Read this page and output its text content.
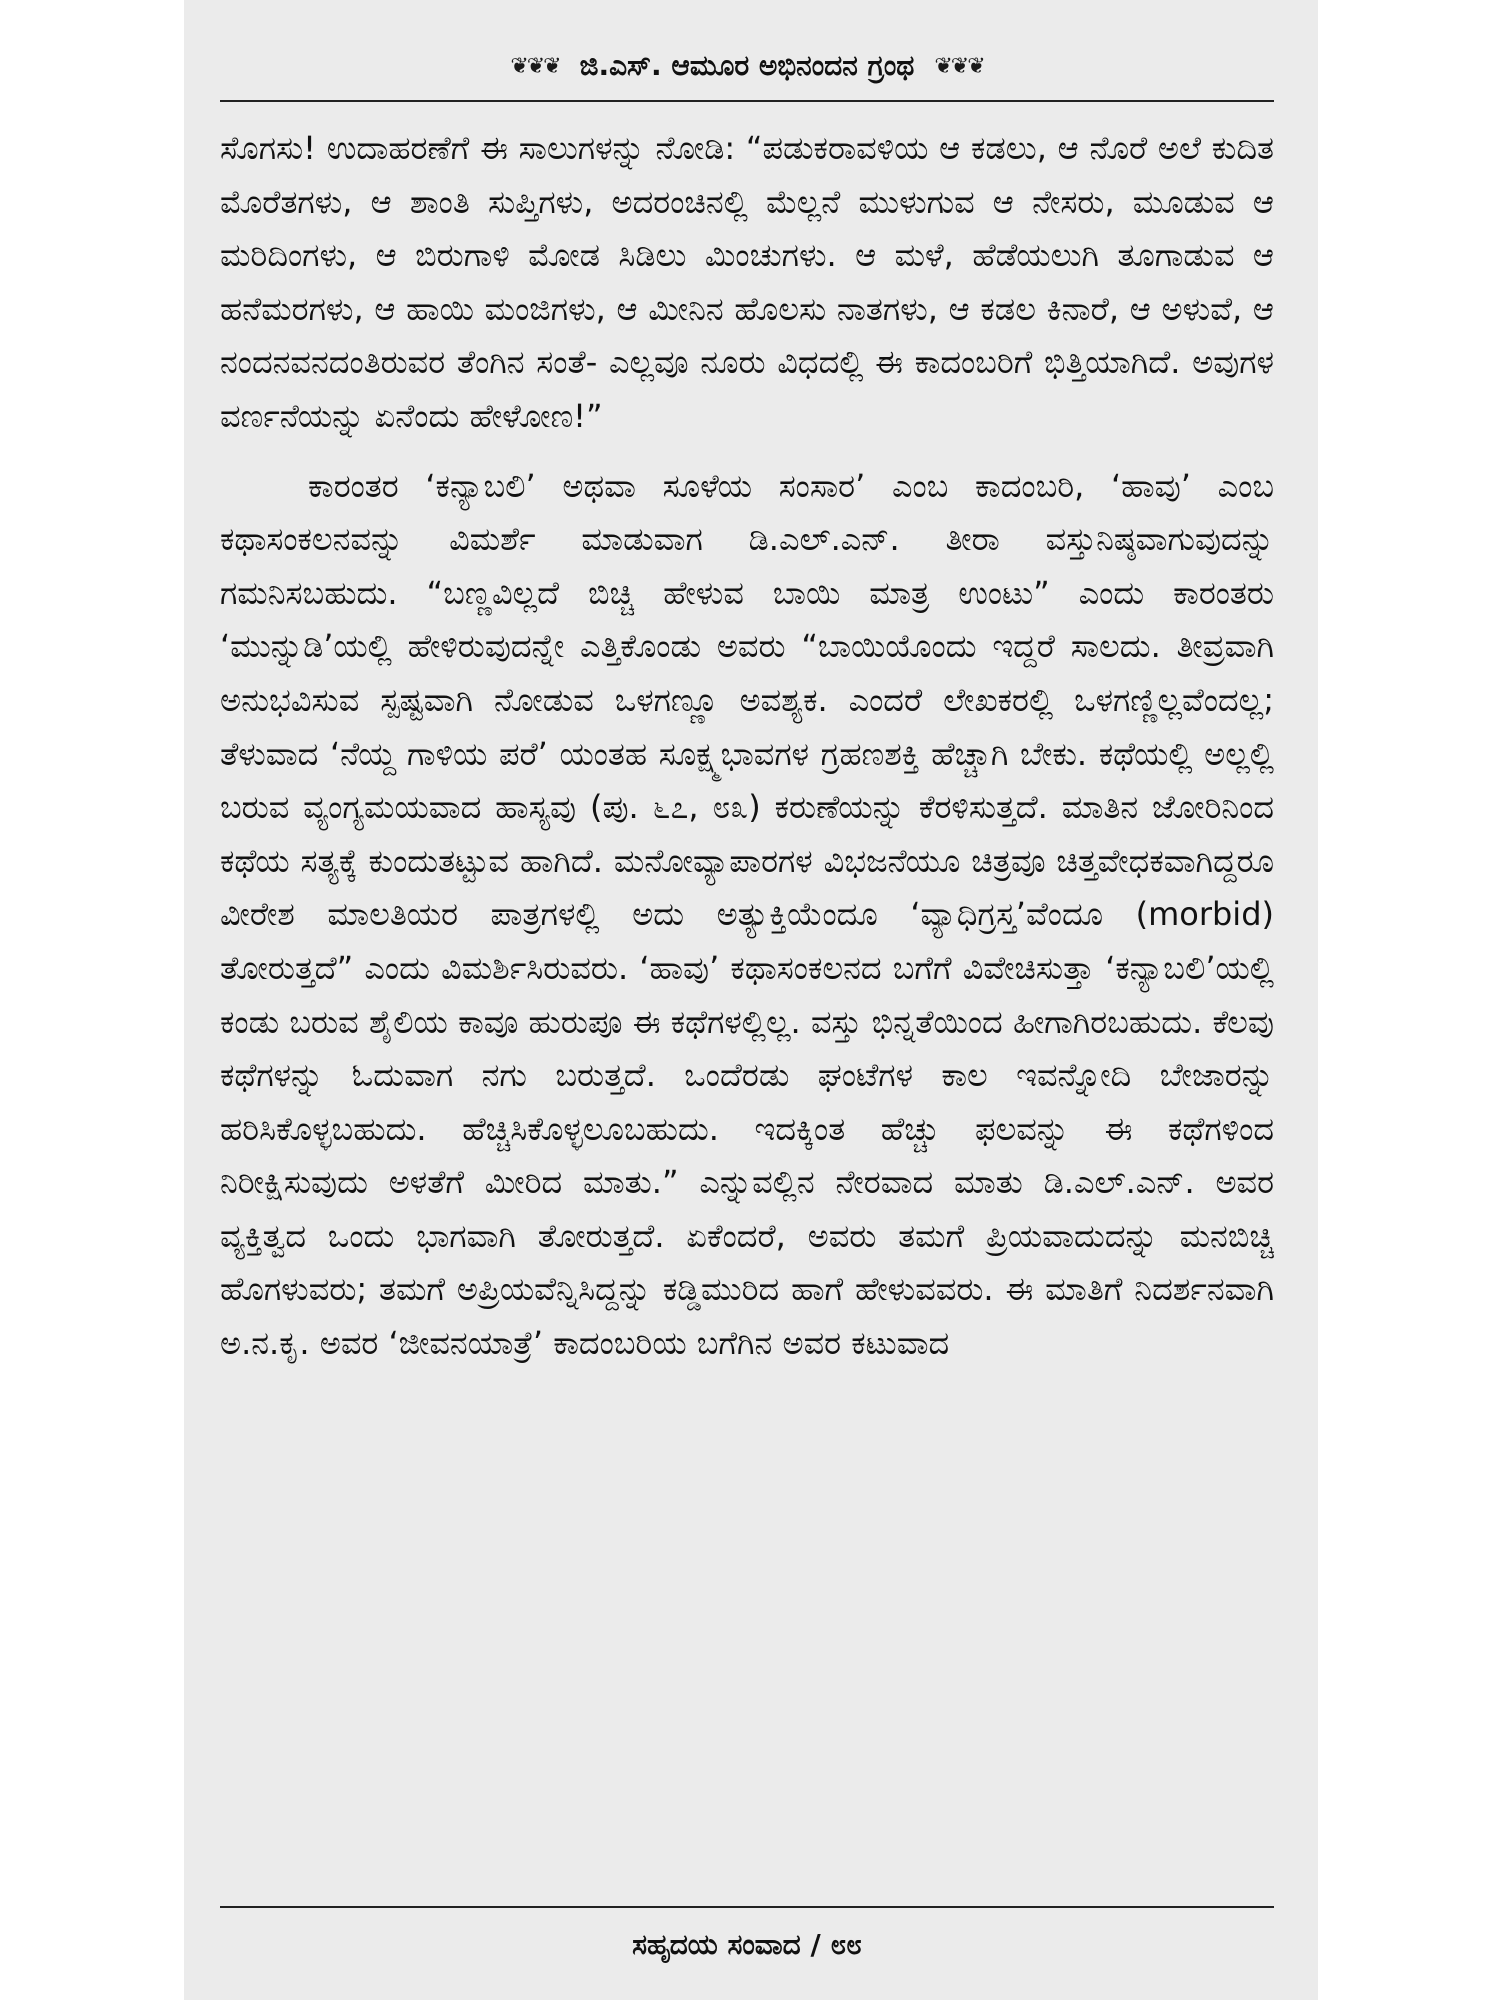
❦❦❦ ಜಿ.ಎಸ್. ಆಮೂರ ಅಭಿನಂದನ ಗ್ರಂಥ ❦❦❦

ಸೊಗಸು! ಉದಾಹರಣೆಗೆ ಈ ಸಾಲುಗಳನ್ನು ನೋಡಿ: “ಪಡುಕರಾವಳಿಯ ಆ ಕಡಲು, ಆ ನೊರೆ ಅಲೆ ಕುದಿತ ಮೊರೆತಗಳು, ಆ ಶಾಂತಿ ಸುಪ್ತಿಗಳು, ಅದರಂಚಿನಲ್ಲಿ ಮೆಲ್ಲನೆ ಮುಳುಗುವ ಆ ನೇಸರು, ಮೂಡುವ ಆ ಮರಿದಿಂಗಳು, ಆ ಬಿರುಗಾಳಿ ಮೋಡ ಸಿಡಿಲು ಮಿಂಚುಗಳು. ಆ ಮಳೆ, ಹೆಡೆಯಲುಗಿ ತೂಗಾಡುವ ಆ ಹನೆಮರಗಳು, ಆ ಹಾಯಿ ಮಂಜಿಗಳು, ಆ ಮೀನಿನ ಹೊಲಸು ನಾತಗಳು, ಆ ಕಡಲ ಕಿನಾರೆ, ಆ ಅಳುವೆ, ಆ ನಂದನವನದಂತಿರುವರ ತೆಂಗಿನ ಸಂತೆ- ಎಲ್ಲವೂ ನೂರು ವಿಧದಲ್ಲಿ ಈ ಕಾದಂಬರಿಗೆ ಭಿತ್ತಿಯಾಗಿದೆ. ಅವುಗಳ ವರ್ಣನೆಯನ್ನು ಏನೆಂದು ಹೇಳೋಣ!”

ಕಾರಂತರ ‘ಕನ್ಯಾಬಲಿ’ ಅಥವಾ ಸೂಳೆಯ ಸಂಸಾರ’ ಎಂಬ ಕಾದಂಬರಿ, ‘ಹಾವು’ ಎಂಬ ಕಥಾಸಂಕಲನವನ್ನು ವಿಮರ್ಶೆ ಮಾಡುವಾಗ ಡಿ.ಎಲ್.ಎನ್. ತೀರಾ ವಸ್ತುನಿಷ್ಠವಾಗುವುದನ್ನು ಗಮನಿಸಬಹುದು. “ಬಣ್ಣವಿಲ್ಲದೆ ಬಿಚ್ಚಿ ಹೇಳುವ ಬಾಯಿ ಮಾತ್ರ ಉಂಟು” ಎಂದು ಕಾರಂತರು ‘ಮುನ್ನುಡಿ’ಯಲ್ಲಿ ಹೇಳಿರುವುದನ್ನೇ ಎತ್ತಿಕೊಂಡು ಅವರು “ಬಾಯಿಯೊಂದು ಇದ್ದರೆ ಸಾಲದು. ತೀವ್ರವಾಗಿ ಅನುಭವಿಸುವ ಸ್ಪಷ್ಟವಾಗಿ ನೋಡುವ ಒಳಗಣ್ಣೂ ಅವಶ್ಯಕ. ಎಂದರೆ ಲೇಖಕರಲ್ಲಿ ಒಳಗಣ್ಣಿಲ್ಲವೆಂದಲ್ಲ; ತೆಳುವಾದ ‘ನೆಯ್ದ ಗಾಳಿಯ ಪರೆ’ ಯಂತಹ ಸೂಕ್ಷ್ಮಭಾವಗಳ ಗ್ರಹಣಶಕ್ತಿ ಹೆಚ್ಚಾಗಿ ಬೇಕು. ಕಥೆಯಲ್ಲಿ ಅಲ್ಲಲ್ಲಿ ಬರುವ ವ್ಯಂಗ್ಯಮಯವಾದ ಹಾಸ್ಯವು (ಪು. ೬೭, ೮೩) ಕರುಣೆಯನ್ನು ಕೆರಳಿಸುತ್ತದೆ. ಮಾತಿನ ಜೋರಿನಿಂದ ಕಥೆಯ ಸತ್ಯಕ್ಕೆ ಕುಂದುತಟ್ಟುವ ಹಾಗಿದೆ. ಮನೋವ್ಯಾಪಾರಗಳ ವಿಭಜನೆಯೂ ಚಿತ್ರವೂ ಚಿತ್ತವೇಧಕವಾಗಿದ್ದರೂ ವೀರೇಶ ಮಾಲತಿಯರ ಪಾತ್ರಗಳಲ್ಲಿ ಅದು ಅತ್ಯುಕ್ತಿಯೆಂದೂ ‘ವ್ಯಾಧಿಗ್ರಸ್ತ’ವೆಂದೂ (morbid) ತೋರುತ್ತದೆ” ಎಂದು ವಿಮರ್ಶಿಸಿರುವರು. ‘ಹಾವು’ ಕಥಾಸಂಕಲನದ ಬಗೆಗೆ ವಿವೇಚಿಸುತ್ತಾ ‘ಕನ್ಯಾಬಲಿ’ಯಲ್ಲಿ ಕಂಡು ಬರುವ ಶೈಲಿಯ ಕಾವೂ ಹುರುಪೂ ಈ ಕಥೆಗಳಲ್ಲಿಲ್ಲ. ವಸ್ತು ಭಿನ್ನತೆಯಿಂದ ಹೀಗಾಗಿರಬಹುದು. ಕೆಲವು ಕಥೆಗಳನ್ನು ಓದುವಾಗ ನಗು ಬರುತ್ತದೆ. ಒಂದೆರಡು ಘಂಟೆಗಳ ಕಾಲ ಇವನ್ನೋದಿ ಬೇಜಾರನ್ನು ಹರಿಸಿಕೊಳ್ಳಬಹುದು. ಹೆಚ್ಚಿಸಿಕೊಳ್ಳಲೂಬಹುದು. ಇದಕ್ಕಿಂತ ಹೆಚ್ಚು ಫಲವನ್ನು ಈ ಕಥೆಗಳಿಂದ ನಿರೀಕ್ಷಿಸುವುದು ಅಳತೆಗೆ ಮೀರಿದ ಮಾತು.” ಎನ್ನುವಲ್ಲಿನ ನೇರವಾದ ಮಾತು ಡಿ.ಎಲ್.ಎನ್. ಅವರ ವ್ಯಕ್ತಿತ್ವದ ಒಂದು ಭಾಗವಾಗಿ ತೋರುತ್ತದೆ. ಏಕೆಂದರೆ, ಅವರು ತಮಗೆ ಪ್ರಿಯವಾದುದನ್ನು ಮನಬಿಚ್ಚಿ ಹೊಗಳುವರು; ತಮಗೆ ಅಪ್ರಿಯವೆನ್ನಿಸಿದ್ದನ್ನು ಕಡ್ಡಿಮುರಿದ ಹಾಗೆ ಹೇಳುವವರು. ಈ ಮಾತಿಗೆ ನಿದರ್ಶನವಾಗಿ ಅ.ನ.ಕೃ. ಅವರ ‘ಜೀವನಯಾತ್ರೆ’ ಕಾದಂಬರಿಯ ಬಗೆಗಿನ ಅವರ ಕಟುವಾದ

ಸಹೃದಯ ಸಂವಾದ / ೮೮
